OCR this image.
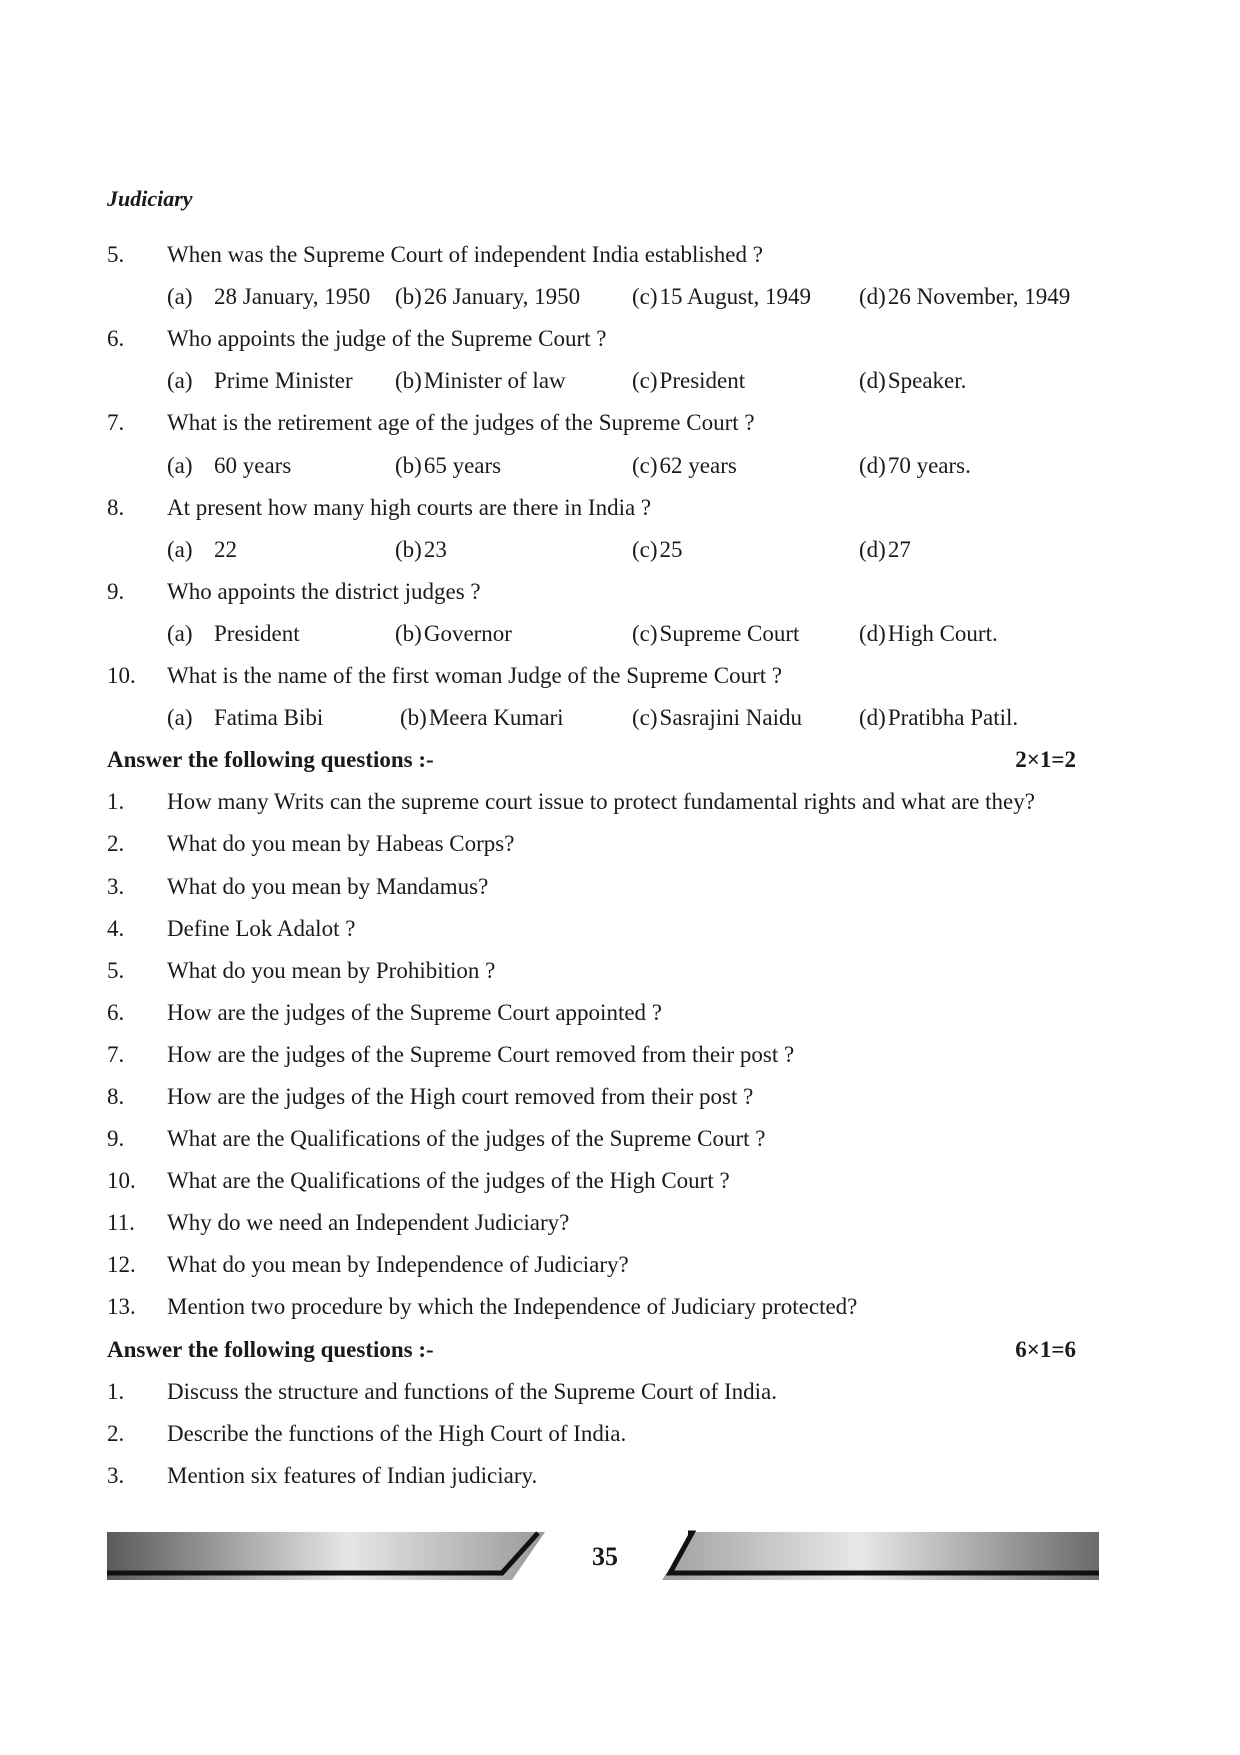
Judiciary
5. When was the Supreme Court of independent India established ?
(a) 28 January, 1950 (b)26 January, 1950 (c)15 August, 1949 (d)26 November, 1949
6. Who appoints the judge of the Supreme Court ?
(a) Prime Minister (b)Minister of law	(c)President	(d)Speaker.
7. What is the retirement age of the judges of the Supreme Court ?
(a) 60 years	(b)65 years	(c)62 years	(d)70 years.
8. At present how many high courts are there in India ?
(a) 22	(b)23	(c)25	(d)27
9. Who appoints the district judges ?
(a) President	(b)Governor	(c)Supreme Court	(d)High Court.
10. What is the name of the first woman Judge of the Supreme Court ?
(a) Fatima Bibi	(b)Meera Kumari	(c)Sasrajini Naidu (d)Pratibha Patil.
Answer the following questions :-	2×1=2
1. How many Writs can the supreme court issue to protect fundamental rights and what are they?
2. What do you mean by Habeas Corps?
3. What do you mean by Mandamus?
4. Define Lok Adalot ?
5. What do you mean by Prohibition ?
6. How are the judges of the Supreme Court appointed ?
7. How are the judges of the Supreme Court removed from their post ?
8. How are the judges of the High court removed from their post ?
9. What are the Qualifications of the judges of the Supreme Court ?
10. What are the Qualifications of the judges of the High Court ?
11. Why do we need an Independent Judiciary?
12. What do you mean by Independence of Judiciary?
13. Mention two procedure by which the Independence of Judiciary protected?
Answer the following questions :-	6×1=6
1. Discuss the structure and functions of the Supreme Court of India.
2. Describe the functions of the High Court of India.
3. Mention six features of Indian judiciary.
35
